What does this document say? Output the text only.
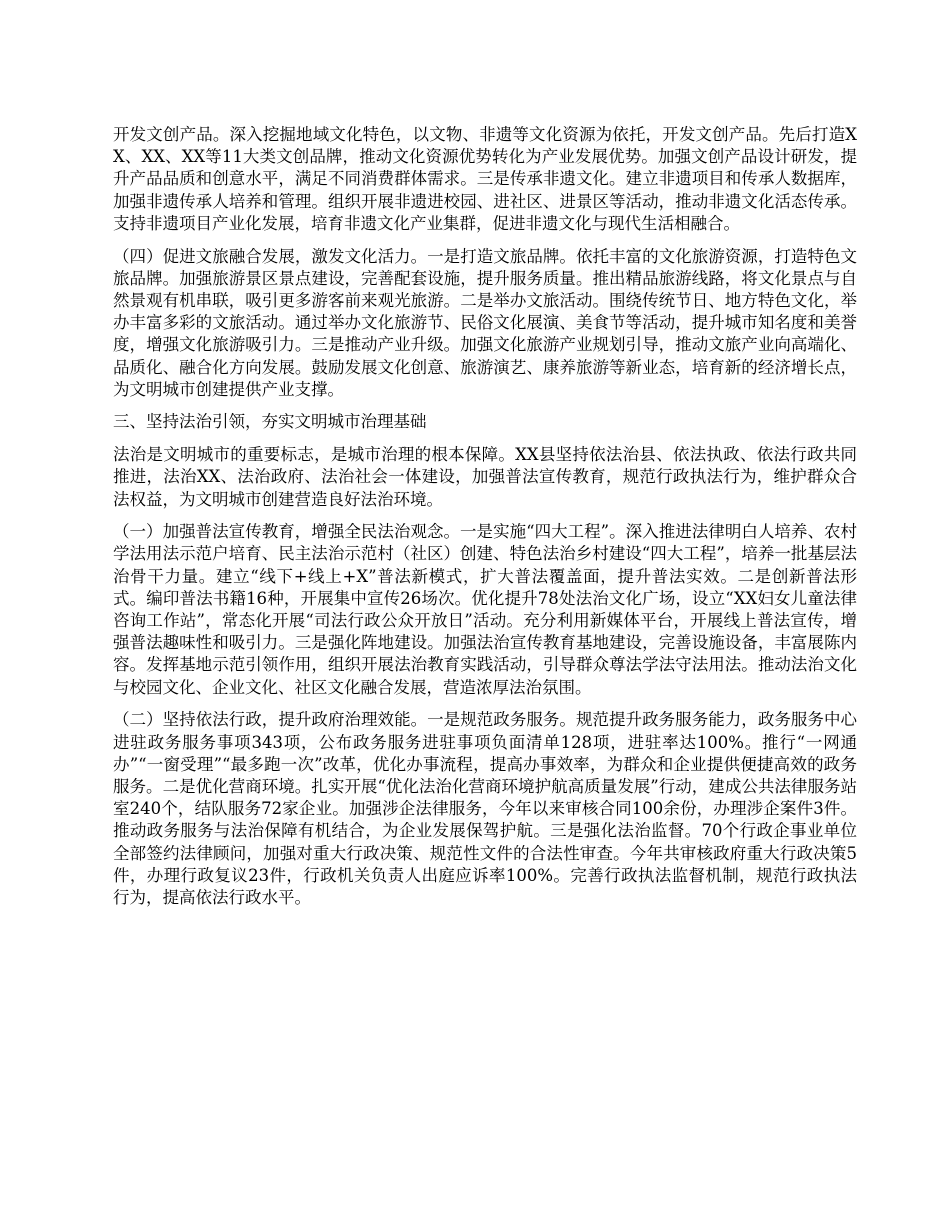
开发文创产品。深入挖掘地域文化特色，以文物、非遗等文化资源为依托，开发文创产品。先后打造XX、XX、XX等11大类文创品牌，推动文化资源优势转化为产业发展优势。加强文创产品设计研发，提升产品品质和创意水平，满足不同消费群体需求。三是传承非遗文化。建立非遗项目和传承人数据库，加强非遗传承人培养和管理。组织开展非遗进校园、进社区、进景区等活动，推动非遗文化活态传承。支持非遗项目产业化发展，培育非遗文化产业集群，促进非遗文化与现代生活相融合。

（四）促进文旅融合发展，激发文化活力。一是打造文旅品牌。依托丰富的文化旅游资源，打造特色文旅品牌。加强旅游景区景点建设，完善配套设施，提升服务质量。推出精品旅游线路，将文化景点与自然景观有机串联，吸引更多游客前来观光旅游。二是举办文旅活动。围绕传统节日、地方特色文化，举办丰富多彩的文旅活动。通过举办文化旅游节、民俗文化展演、美食节等活动，提升城市知名度和美誉度，增强文化旅游吸引力。三是推动产业升级。加强文化旅游产业规划引导，推动文旅产业向高端化、品质化、融合化方向发展。鼓励发展文化创意、旅游演艺、康养旅游等新业态，培育新的经济增长点，为文明城市创建提供产业支撑。

三、坚持法治引领，夯实文明城市治理基础

法治是文明城市的重要标志，是城市治理的根本保障。XX县坚持依法治县、依法执政、依法行政共同推进，法治XX、法治政府、法治社会一体建设，加强普法宣传教育，规范行政执法行为，维护群众合法权益，为文明城市创建营造良好法治环境。

（一）加强普法宣传教育，增强全民法治观念。一是实施“四大工程”。深入推进法律明白人培养、农村学法用法示范户培育、民主法治示范村（社区）创建、特色法治乡村建设“四大工程”，培养一批基层法治骨干力量。建立“线下+线上+X”普法新模式，扩大普法覆盖面，提升普法实效。二是创新普法形式。编印普法书籍16种，开展集中宣传26场次。优化提升78处法治文化广场，设立“XX妇女儿童法律咨询工作站”，常态化开展“司法行政公众开放日”活动。充分利用新媒体平台，开展线上普法宣传，增强普法趣味性和吸引力。三是强化阵地建设。加强法治宣传教育基地建设，完善设施设备，丰富展陈内容。发挥基地示范引领作用，组织开展法治教育实践活动，引导群众尊法学法守法用法。推动法治文化与校园文化、企业文化、社区文化融合发展，营造浓厚法治氛围。

（二）坚持依法行政，提升政府治理效能。一是规范政务服务。规范提升政务服务能力，政务服务中心进驻政务服务事项343项，公布政务服务进驻事项负面清单128项，进驻率达100%。推行“一网通办”“一窗受理”“最多跑一次”改革，优化办事流程，提高办事效率，为群众和企业提供便捷高效的政务服务。二是优化营商环境。扎实开展“优化法治化营商环境护航高质量发展”行动，建成公共法律服务站室240个，结队服务72家企业。加强涉企法律服务，今年以来审核合同100余份，办理涉企案件3件。推动政务服务与法治保障有机结合，为企业发展保驾护航。三是强化法治监督。70个行政企事业单位全部签约法律顾问，加强对重大行政决策、规范性文件的合法性审查。今年共审核政府重大行政决策5件，办理行政复议23件，行政机关负责人出庭应诉率100%。完善行政执法监督机制，规范行政执法行为，提高依法行政水平。
